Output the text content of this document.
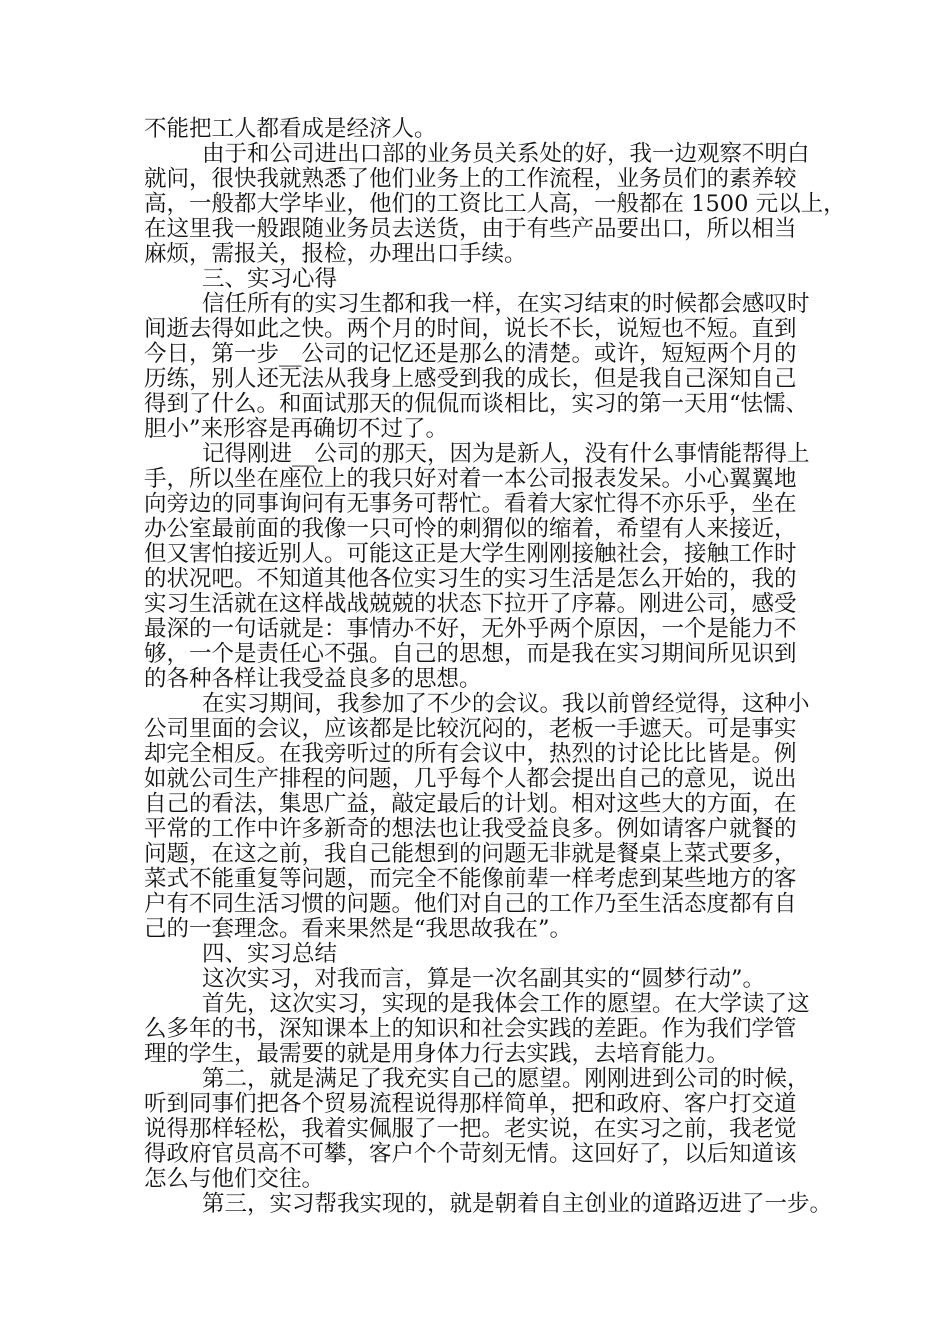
不能把工人都看成是经济人。
由于和公司进出口部的业务员关系处的好，我一边观察不明白
就问，很快我就熟悉了他们业务上的工作流程，业务员们的素养较
高，一般都大学毕业，他们的工资比工人高，一般都在 1500 元以上，
在这里我一般跟随业务员去送货，由于有些产品要出口，所以相当
麻烦，需报关，报检，办理出口手续。
三、实习心得
信任所有的实习生都和我一样，在实习结束的时候都会感叹时
间逝去得如此之快。两个月的时间，说长不长，说短也不短。直到
今日，第一步__公司的记忆还是那么的清楚。或许，短短两个月的
历练，别人还无法从我身上感受到我的成长，但是我自己深知自己
得到了什么。和面试那天的侃侃而谈相比，实习的第一天用“怯懦、
胆小”来形容是再确切不过了。
记得刚进__公司的那天，因为是新人，没有什么事情能帮得上
手，所以坐在座位上的我只好对着一本公司报表发呆。小心翼翼地
向旁边的同事询问有无事务可帮忙。看着大家忙得不亦乐乎，坐在
办公室最前面的我像一只可怜的刺猬似的缩着，希望有人来接近，
但又害怕接近别人。可能这正是大学生刚刚接触社会，接触工作时
的状况吧。不知道其他各位实习生的实习生活是怎么开始的，我的
实习生活就在这样战战兢兢的状态下拉开了序幕。刚进公司，感受
最深的一句话就是：事情办不好，无外乎两个原因，一个是能力不
够，一个是责任心不强。自己的思想，而是我在实习期间所见识到
的各种各样让我受益良多的思想。
在实习期间，我参加了不少的会议。我以前曾经觉得，这种小
公司里面的会议，应该都是比较沉闷的，老板一手遮天。可是事实
却完全相反。在我旁听过的所有会议中，热烈的讨论比比皆是。例
如就公司生产排程的问题，几乎每个人都会提出自己的意见，说出
自己的看法，集思广益，敲定最后的计划。相对这些大的方面，在
平常的工作中许多新奇的想法也让我受益良多。例如请客户就餐的
问题，在这之前，我自己能想到的问题无非就是餐桌上菜式要多，
菜式不能重复等问题，而完全不能像前辈一样考虑到某些地方的客
户有不同生活习惯的问题。他们对自己的工作乃至生活态度都有自
己的一套理念。看来果然是“我思故我在”。
四、实习总结
这次实习，对我而言，算是一次名副其实的“圆梦行动”。
首先，这次实习，实现的是我体会工作的愿望。在大学读了这
么多年的书，深知课本上的知识和社会实践的差距。作为我们学管
理的学生，最需要的就是用身体力行去实践，去培育能力。
第二，就是满足了我充实自己的愿望。刚刚进到公司的时候，
听到同事们把各个贸易流程说得那样简单，把和政府、客户打交道
说得那样轻松，我着实佩服了一把。老实说，在实习之前，我老觉
得政府官员高不可攀，客户个个苛刻无情。这回好了，以后知道该
怎么与他们交往。
第三，实习帮我实现的，就是朝着自主创业的道路迈进了一步。
